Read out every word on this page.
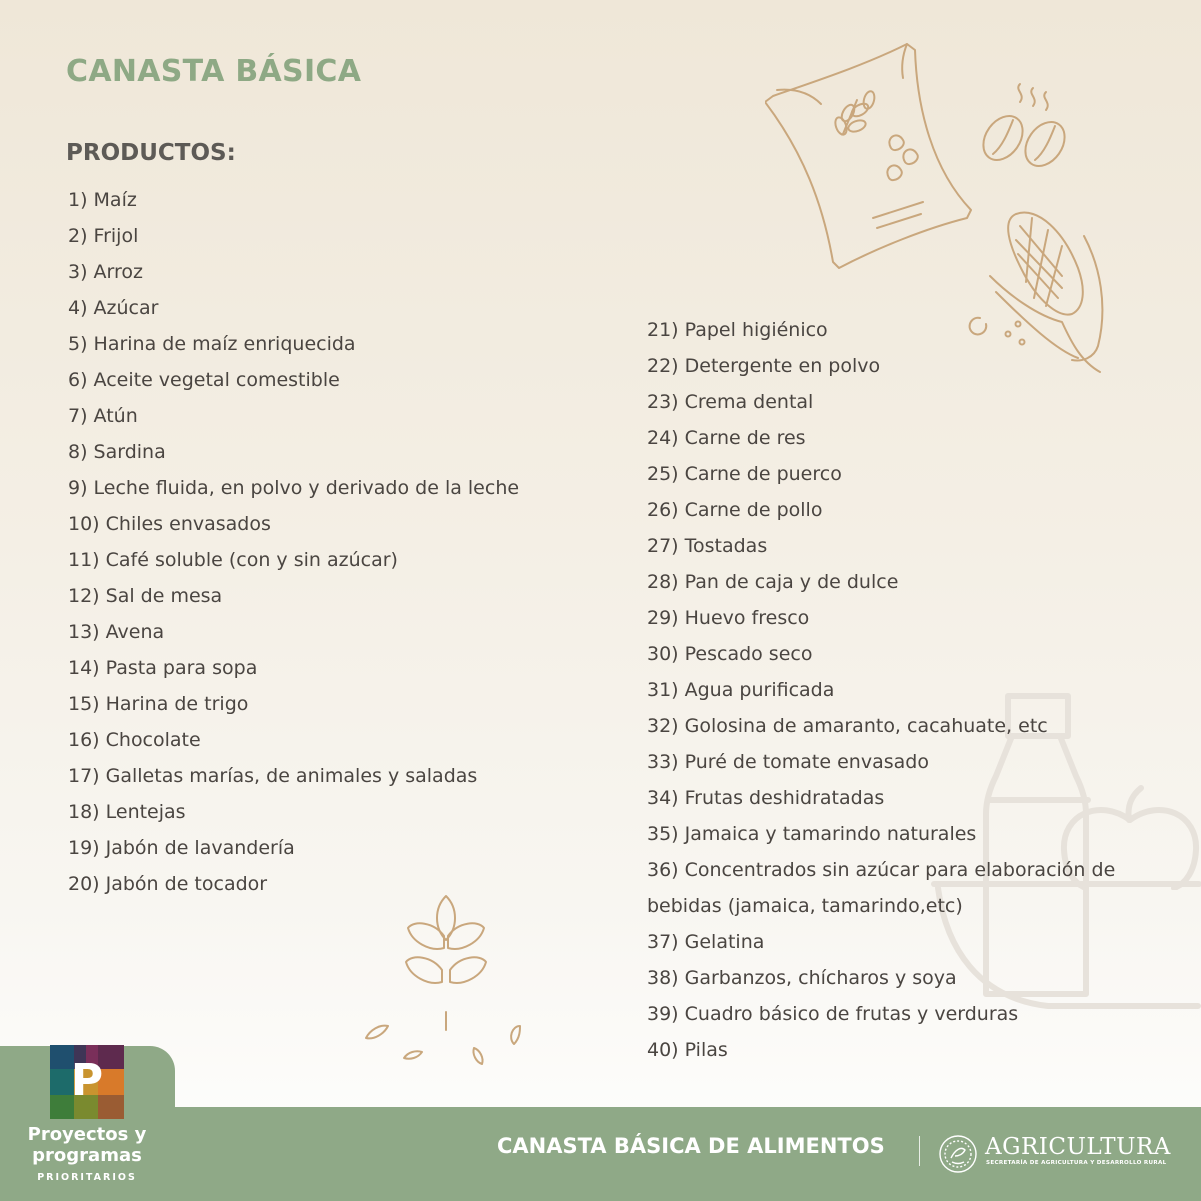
CANASTA BÁSICA
PRODUCTOS:
1) Maíz
2) Frijol
3) Arroz
4) Azúcar
5) Harina de maíz enriquecida
6) Aceite vegetal comestible
7) Atún
8) Sardina
9) Leche fluida, en polvo y derivado de la leche
10) Chiles envasados
11) Café soluble (con y sin azúcar)
12) Sal de mesa
13) Avena
14) Pasta para sopa
15) Harina de trigo
16) Chocolate
17) Galletas marías, de animales y saladas
18) Lentejas
19) Jabón de lavandería
20) Jabón de tocador
21) Papel higiénico
22) Detergente en polvo
23) Crema dental
24) Carne de res
25) Carne de puerco
26) Carne de pollo
27) Tostadas
28) Pan de caja y de dulce
29) Huevo fresco
30) Pescado seco
31) Agua purificada
32) Golosina de amaranto, cacahuate, etc
33) Puré de tomate envasado
34) Frutas deshidratadas
35) Jamaica y tamarindo naturales
36) Concentrados sin azúcar para elaboración de bebidas (jamaica, tamarindo,etc)
37) Gelatina
38) Garbanzos, chícharos y soya
39) Cuadro básico de frutas y verduras
40) Pilas
P
Proyectos y programas
PRIORITARIOS
CANASTA BÁSICA DE ALIMENTOS	AGRICULTURA
SECRETARÍA DE AGRICULTURA Y DESARROLLO RURAL
